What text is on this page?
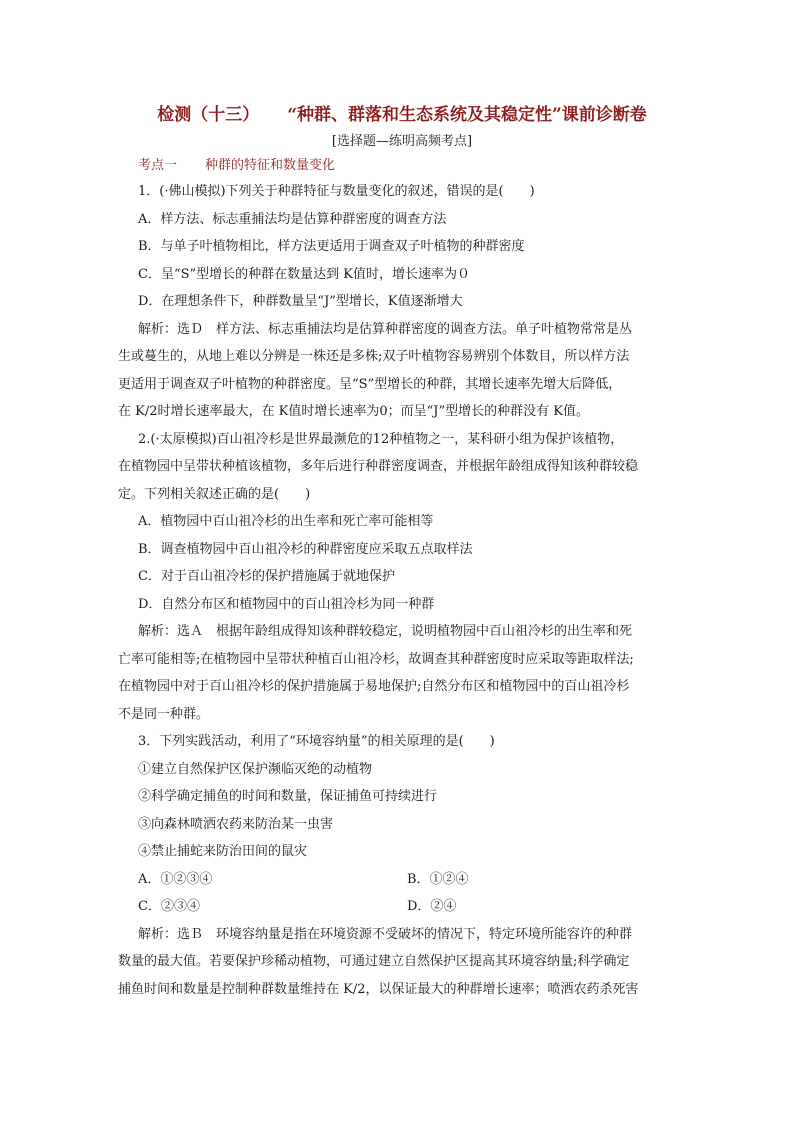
检测（十三） “种群、群落和生态系统及其稳定性”课前诊断卷
[选择题—练明高频考点]
考点一 种群的特征和数量变化
1．(·佛山模拟)下列关于种群特征与数量变化的叙述，错误的是(　　)
A．样方法、标志重捕法均是估算种群密度的调查方法
B．与单子叶植物相比，样方法更适用于调查双子叶植物的种群密度
C．呈“S”型增长的种群在数量达到 K值时，增长速率为０
D．在理想条件下，种群数量呈“J”型增长，K值逐渐增大
解析：选Ｄ　样方法、标志重捕法均是估算种群密度的调查方法。单子叶植物常常是丛
生或蔓生的，从地上难以分辨是一株还是多株;双子叶植物容易辨别个体数目，所以样方法
更适用于调查双子叶植物的种群密度。呈“S”型增长的种群，其增长速率先增大后降低，
在 K/2时增长速率最大，在 K值时增长速率为0；而呈“J”型增长的种群没有 K值。
2.(·太原模拟)百山祖冷杉是世界最濒危的12种植物之一，某科研小组为保护该植物，
在植物园中呈带状种植该植物，多年后进行种群密度调查，并根据年龄组成得知该种群较稳
定。下列相关叙述正确的是(　　)
A．植物园中百山祖冷杉的出生率和死亡率可能相等
B．调查植物园中百山祖冷杉的种群密度应采取五点取样法
C．对于百山祖冷杉的保护措施属于就地保护
D．自然分布区和植物园中的百山祖冷杉为同一种群
解析：选Ａ　根据年龄组成得知该种群较稳定，说明植物园中百山祖冷杉的出生率和死
亡率可能相等;在植物园中呈带状种植百山祖冷杉，故调查其种群密度时应采取等距取样法;
在植物园中对于百山祖冷杉的保护措施属于易地保护;自然分布区和植物园中的百山祖冷杉
不是同一种群。
3．下列实践活动，利用了“环境容纳量”的相关原理的是(　　)
①建立自然保护区保护濒临灭绝的动植物
②科学确定捕鱼的时间和数量，保证捕鱼可持续进行
③向森林喷洒农药来防治某一虫害
④禁止捕蛇来防治田间的鼠灾
A．①②③④	B．①②④
C．②③④	D．②④
解析：选Ｂ　环境容纳量是指在环境资源不受破坏的情况下，特定环境所能容许的种群
数量的最大值。若要保护珍稀动植物，可通过建立自然保护区提高其环境容纳量;科学确定
捕鱼时间和数量是控制种群数量维持在 K/2，以保证最大的种群增长速率；喷洒农药杀死害
